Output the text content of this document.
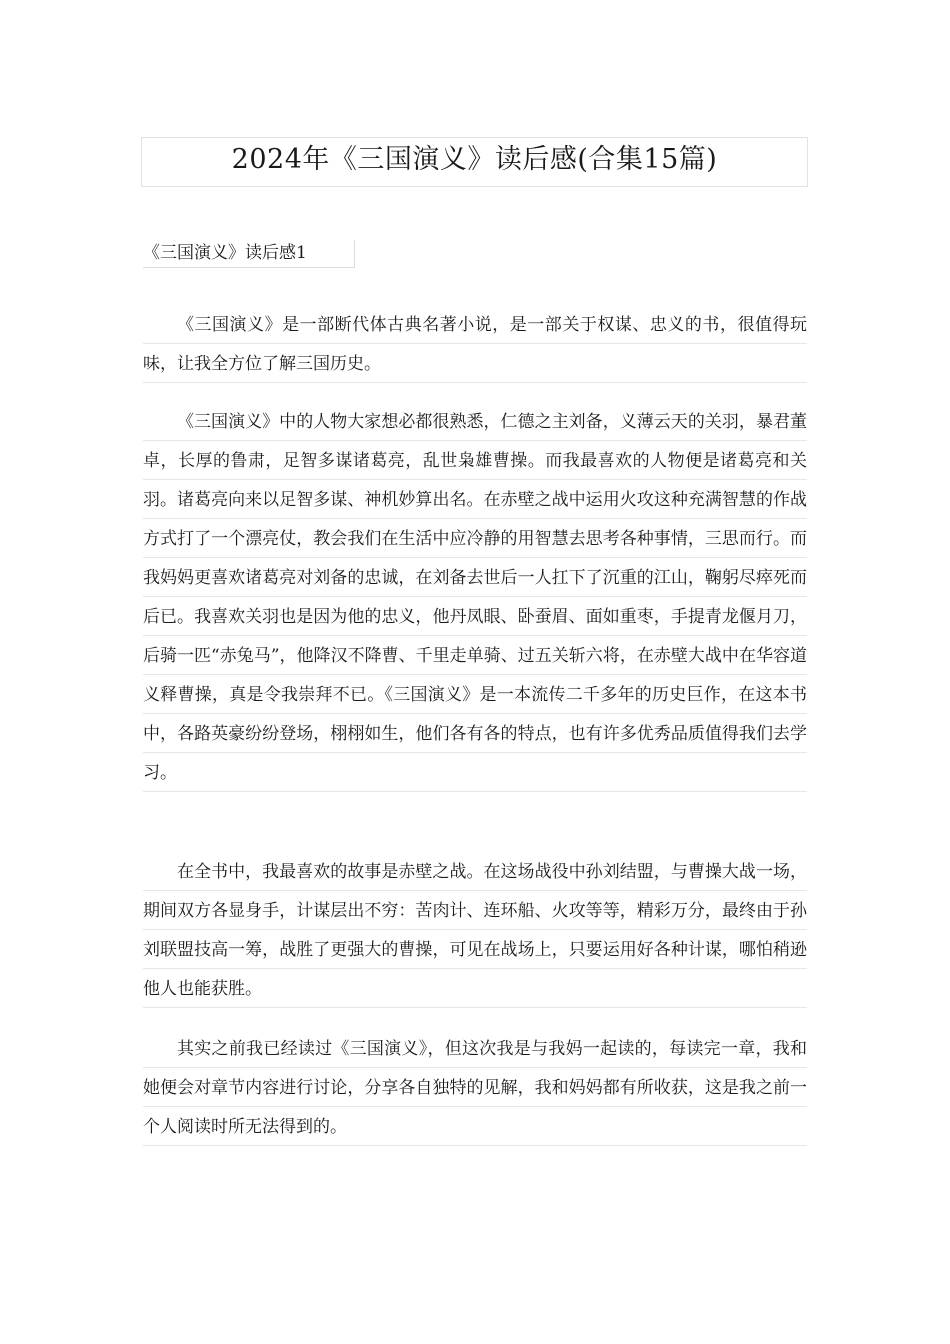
2024年《三国演义》读后感(合集15篇)
《三国演义》读后感1

《三国演义》是一部断代体古典名著小说，是一部关于权谋、忠义的书，很值得玩味，让我全方位了解三国历史。

《三国演义》中的人物大家想必都很熟悉，仁德之主刘备，义薄云天的关羽，暴君董卓，长厚的鲁肃，足智多谋诸葛亮，乱世枭雄曹操。而我最喜欢的人物便是诸葛亮和关羽。诸葛亮向来以足智多谋、神机妙算出名。在赤壁之战中运用火攻这种充满智慧的作战方式打了一个漂亮仗，教会我们在生活中应冷静的用智慧去思考各种事情，三思而行。而我妈妈更喜欢诸葛亮对刘备的忠诚，在刘备去世后一人扛下了沉重的江山，鞠躬尽瘁死而后已。我喜欢关羽也是因为他的忠义，他丹凤眼、卧蚕眉、面如重枣，手提青龙偃月刀，后骑一匹“赤兔马”，他降汉不降曹、千里走单骑、过五关斩六将，在赤壁大战中在华容道义释曹操，真是令我崇拜不已。《三国演义》是一本流传二千多年的历史巨作，在这本书中，各路英豪纷纷登场，栩栩如生，他们各有各的特点，也有许多优秀品质值得我们去学习。

在全书中，我最喜欢的故事是赤壁之战。在这场战役中孙刘结盟，与曹操大战一场，期间双方各显身手，计谋层出不穷：苦肉计、连环船、火攻等等，精彩万分，最终由于孙刘联盟技高一筹，战胜了更强大的曹操，可见在战场上，只要运用好各种计谋，哪怕稍逊他人也能获胜。

其实之前我已经读过《三国演义》，但这次我是与我妈一起读的，每读完一章，我和她便会对章节内容进行讨论，分享各自独特的见解，我和妈妈都有所收获，这是我之前一个人阅读时所无法得到的。
